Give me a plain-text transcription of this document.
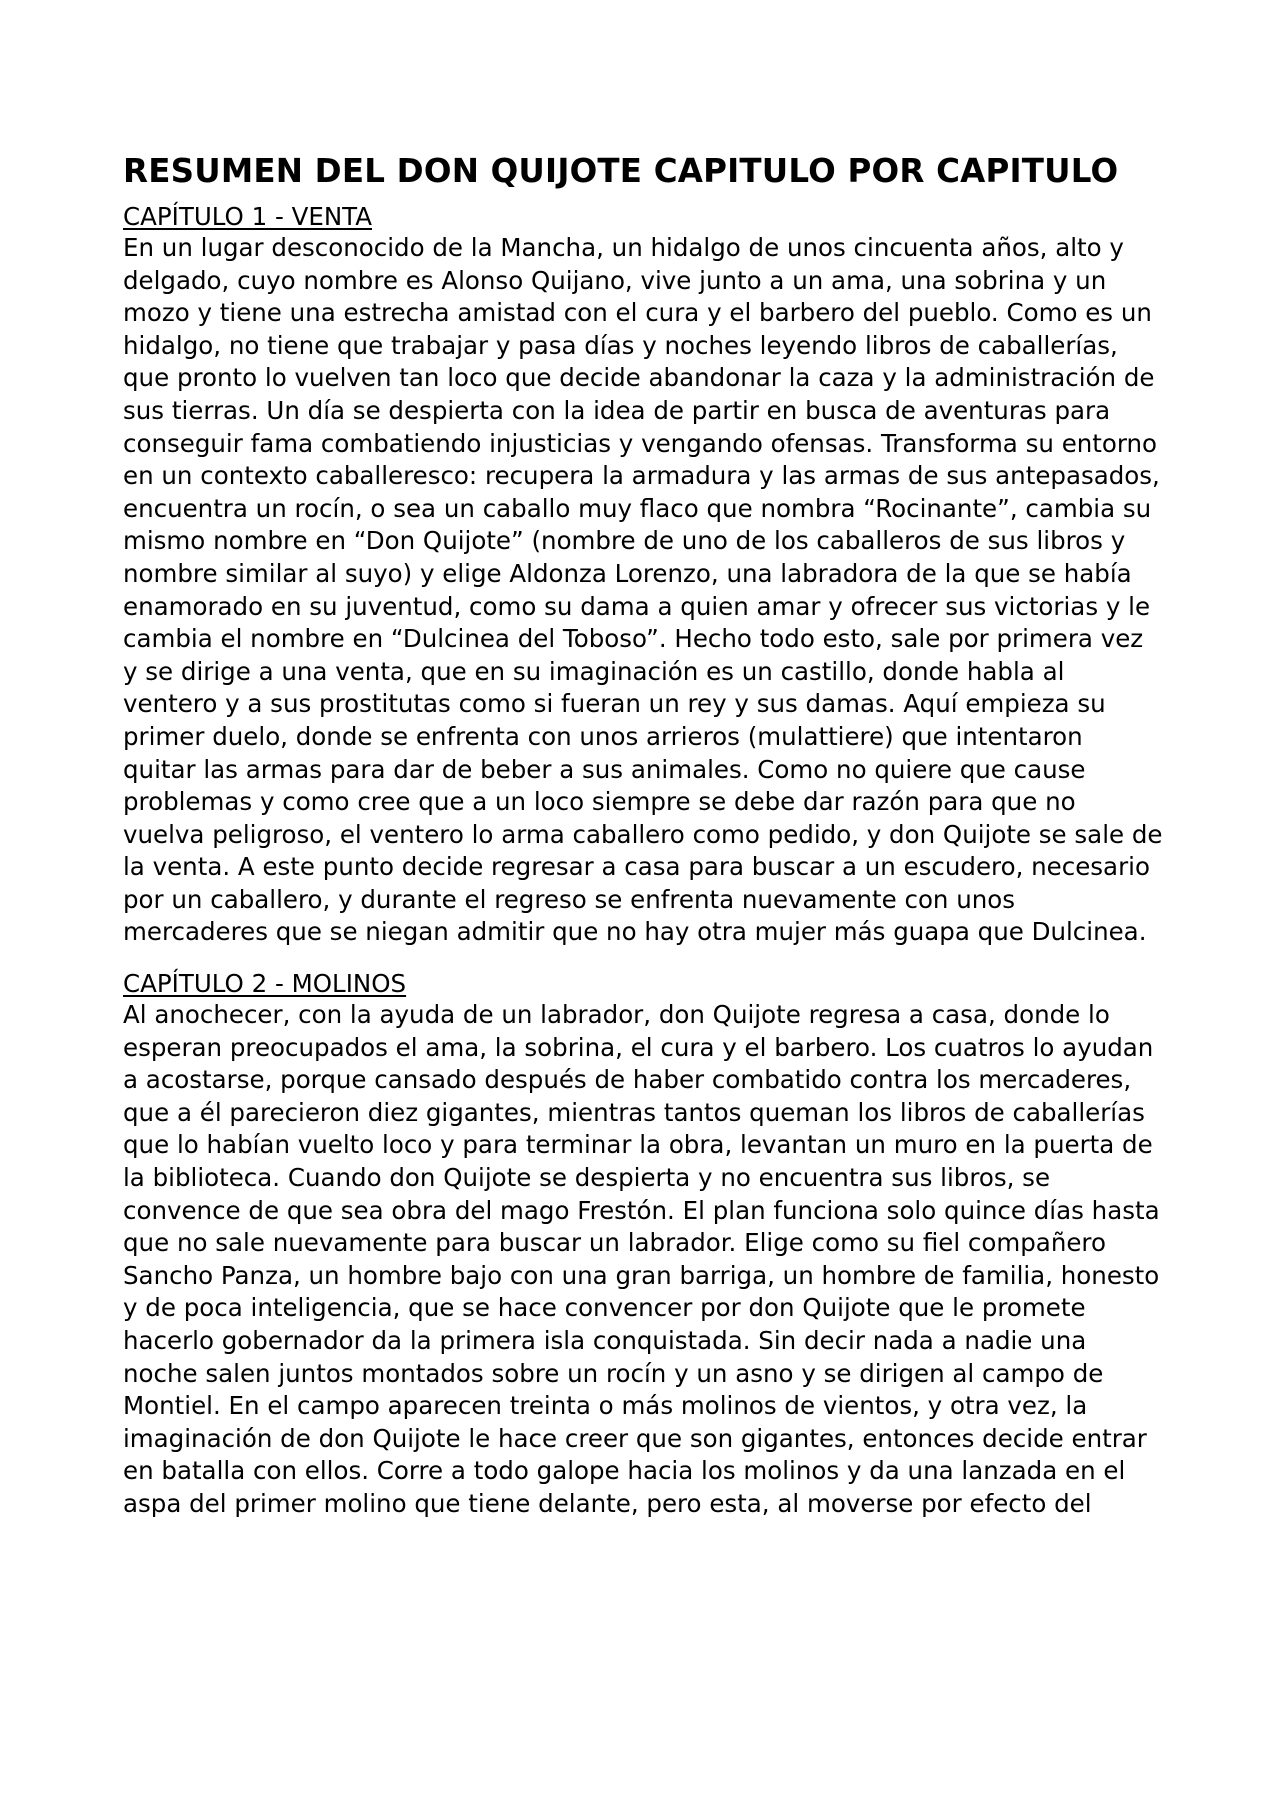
RESUMEN DEL DON QUIJOTE CAPITULO POR CAPITULO

CAPÍTULO 1 - VENTA

En un lugar desconocido de la Mancha, un hidalgo de unos cincuenta años, alto y delgado, cuyo nombre es Alonso Quijano, vive junto a un ama, una sobrina y un mozo y tiene una estrecha amistad con el cura y el barbero del pueblo. Como es un hidalgo, no tiene que trabajar y pasa días y noches leyendo libros de caballerías, que pronto lo vuelven tan loco que decide abandonar la caza y la administración de sus tierras. Un día se despierta con la idea de partir en busca de aventuras para conseguir fama combatiendo injusticias y vengando ofensas. Transforma su entorno en un contexto caballeresco: recupera la armadura y las armas de sus antepasados, encuentra un rocín, o sea un caballo muy flaco que nombra “Rocinante”, cambia su mismo nombre en “Don Quijote” (nombre de uno de los caballeros de sus libros y nombre similar al suyo) y elige Aldonza Lorenzo, una labradora de la que se había enamorado en su juventud, como su dama a quien amar y ofrecer sus victorias y le cambia el nombre en “Dulcinea del Toboso”. Hecho todo esto, sale por primera vez y se dirige a una venta, que en su imaginación es un castillo, donde habla al ventero y a sus prostitutas como si fueran un rey y sus damas. Aquí empieza su primer duelo, donde se enfrenta con unos arrieros (mulattiere) que intentaron quitar las armas para dar de beber a sus animales. Como no quiere que cause problemas y como cree que a un loco siempre se debe dar razón para que no vuelva peligroso, el ventero lo arma caballero como pedido, y don Quijote se sale de la venta. A este punto decide regresar a casa para buscar a un escudero, necesario por un caballero, y durante el regreso se enfrenta nuevamente con unos mercaderes que se niegan admitir que no hay otra mujer más guapa que Dulcinea.

CAPÍTULO 2 - MOLINOS

Al anochecer, con la ayuda de un labrador, don Quijote regresa a casa, donde lo esperan preocupados el ama, la sobrina, el cura y el barbero. Los cuatros lo ayudan a acostarse, porque cansado después de haber combatido contra los mercaderes, que a él parecieron diez gigantes, mientras tantos queman los libros de caballerías que lo habían vuelto loco y para terminar la obra, levantan un muro en la puerta de la biblioteca. Cuando don Quijote se despierta y no encuentra sus libros, se convence de que sea obra del mago Frestón. El plan funciona solo quince días hasta que no sale nuevamente para buscar un labrador. Elige como su fiel compañero Sancho Panza, un hombre bajo con una gran barriga, un hombre de familia, honesto y de poca inteligencia, que se hace convencer por don Quijote que le promete hacerlo gobernador da la primera isla conquistada. Sin decir nada a nadie una noche salen juntos montados sobre un rocín y un asno y se dirigen al campo de Montiel. En el campo aparecen treinta o más molinos de vientos, y otra vez, la imaginación de don Quijote le hace creer que son gigantes, entonces decide entrar en batalla con ellos. Corre a todo galope hacia los molinos y da una lanzada en el aspa del primer molino que tiene delante, pero esta, al moverse por efecto del
